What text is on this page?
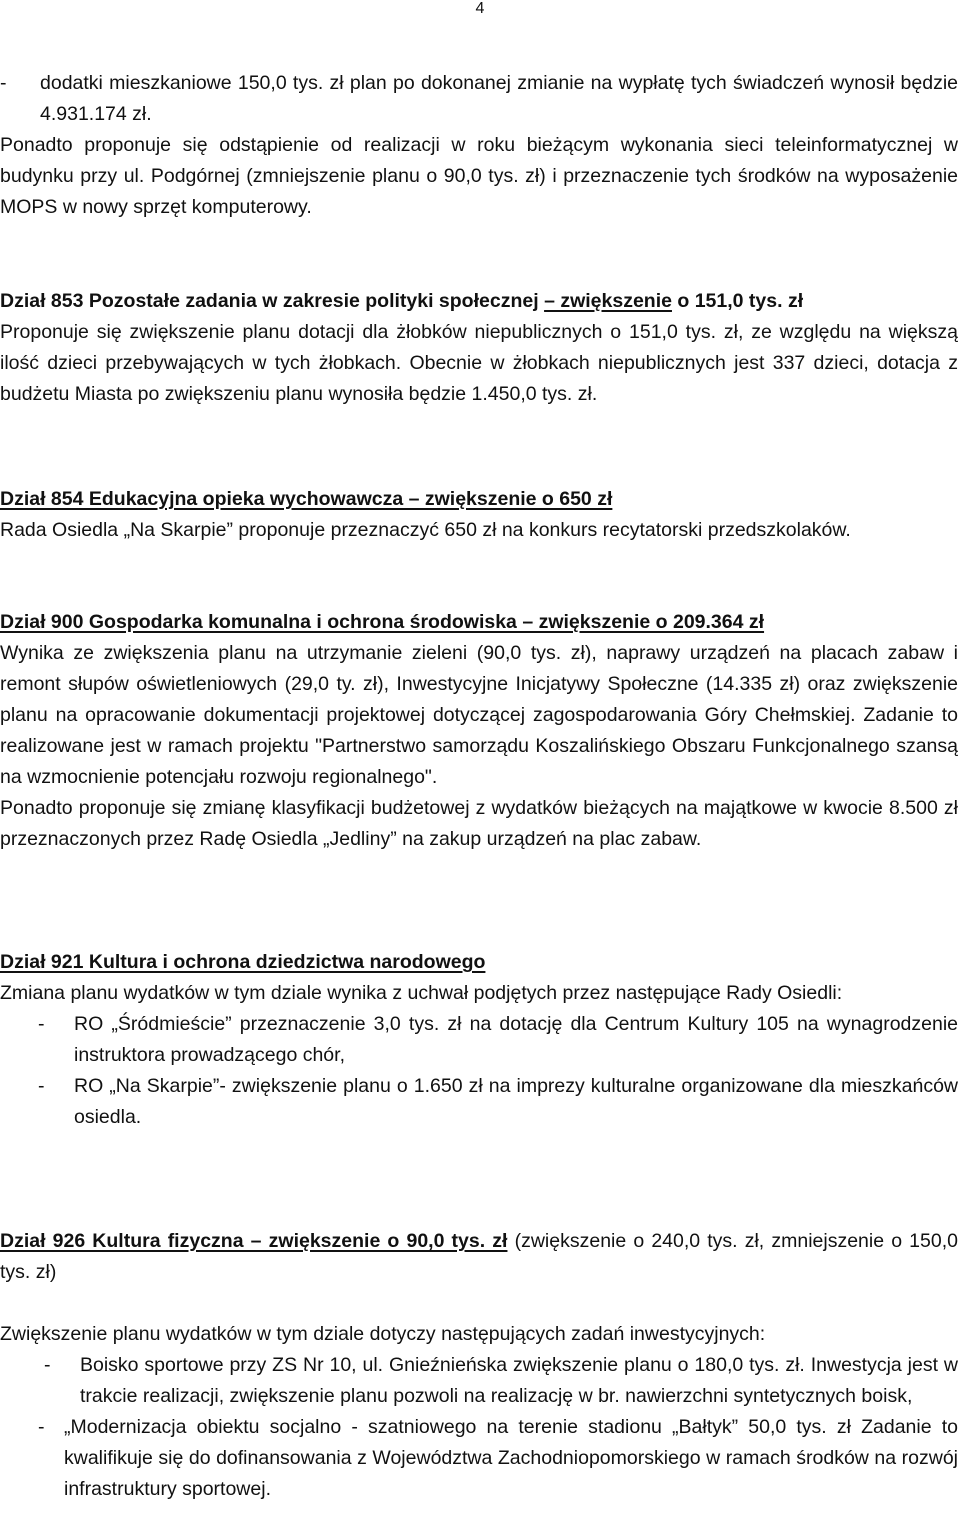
4
-	dodatki mieszkaniowe 150,0 tys. zł plan po dokonanej zmianie na wypłatę tych świadczeń wynosił będzie 4.931.174 zł.

Ponadto proponuje się odstąpienie od realizacji w roku bieżącym wykonania sieci teleinformatycznej w budynku przy ul. Podgórnej (zmniejszenie planu o 90,0 tys. zł) i przeznaczenie tych środków na wyposażenie MOPS w nowy sprzęt komputerowy.

Dział 853 Pozostałe zadania w zakresie polityki społecznej – zwiększenie o 151,0 tys. zł

Proponuje się zwiększenie planu dotacji dla żłobków niepublicznych o 151,0 tys. zł, ze względu na większą ilość dzieci przebywających w tych żłobkach. Obecnie w żłobkach niepublicznych jest 337 dzieci, dotacja z budżetu Miasta po zwiększeniu planu wynosiła będzie 1.450,0 tys. zł.

Dział 854 Edukacyjna opieka wychowawcza – zwiększenie o 650 zł

Rada Osiedla „Na Skarpie” proponuje przeznaczyć 650 zł na konkurs recytatorski przedszkolaków.

Dział 900 Gospodarka komunalna i ochrona środowiska – zwiększenie o 209.364 zł

Wynika ze zwiększenia planu na utrzymanie zieleni (90,0 tys. zł), naprawy urządzeń na placach zabaw i remont słupów oświetleniowych (29,0 ty. zł), Inwestycyjne Inicjatywy Społeczne (14.335 zł) oraz zwiększenie planu na opracowanie dokumentacji projektowej dotyczącej zagospodarowania Góry Chełmskiej. Zadanie to realizowane jest w ramach projektu "Partnerstwo samorządu Koszalińskiego Obszaru Funkcjonalnego szansą na wzmocnienie potencjału rozwoju regionalnego".

Ponadto proponuje się zmianę klasyfikacji budżetowej z wydatków bieżących na majątkowe w kwocie 8.500 zł przeznaczonych przez Radę Osiedla „Jedliny” na zakup urządzeń na plac zabaw.

Dział 921 Kultura i ochrona dziedzictwa narodowego

Zmiana planu wydatków w tym dziale wynika z uchwał podjętych przez następujące Rady Osiedli:

-	RO „Śródmieście” przeznaczenie 3,0 tys. zł na dotację dla Centrum Kultury 105 na wynagrodzenie instruktora prowadzącego chór,
-	RO „Na Skarpie”- zwiększenie planu o 1.650 zł na imprezy kulturalne organizowane dla mieszkańców osiedla.

Dział 926 Kultura fizyczna – zwiększenie o 90,0 tys. zł (zwiększenie o 240,0 tys. zł, zmniejszenie o 150,0 tys. zł)

Zwiększenie planu wydatków w tym dziale dotyczy następujących zadań inwestycyjnych:

-	Boisko sportowe przy ZS Nr 10, ul. Gnieźnieńska zwiększenie planu o 180,0 tys. zł. Inwestycja jest w trakcie realizacji, zwiększenie planu pozwoli na realizację w br. nawierzchni syntetycznych boisk,
-	„Modernizacja obiektu socjalno - szatniowego na terenie stadionu „Bałtyk” 50,0 tys. zł Zadanie to kwalifikuje się do dofinansowania z Województwa Zachodniopomorskiego w ramach środków na rozwój infrastruktury sportowej.
